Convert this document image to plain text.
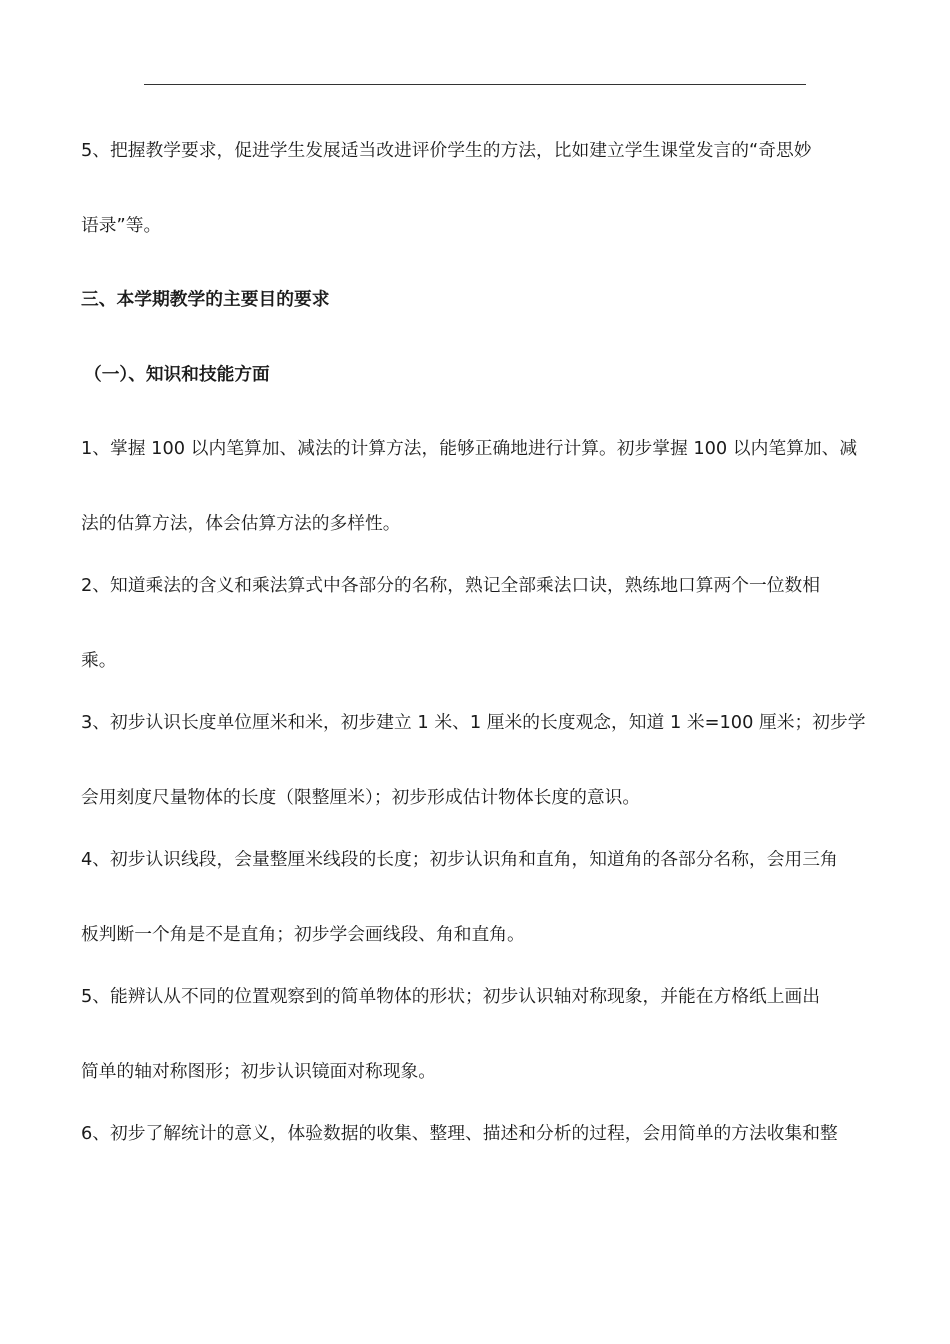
5、把握教学要求，促进学生发展适当改进评价学生的方法，比如建立学生课堂发言的“奇思妙
语录”等。
三、本学期教学的主要目的要求
（一）、知识和技能方面
1、掌握 100 以内笔算加、减法的计算方法，能够正确地进行计算。初步掌握 100 以内笔算加、减
法的估算方法，体会估算方法的多样性。
2、知道乘法的含义和乘法算式中各部分的名称，熟记全部乘法口诀，熟练地口算两个一位数相
乘。
3、初步认识长度单位厘米和米，初步建立 1 米、1 厘米的长度观念，知道 1 米=100 厘米；初步学
会用刻度尺量物体的长度（限整厘米）；初步形成估计物体长度的意识。
4、初步认识线段，会量整厘米线段的长度；初步认识角和直角，知道角的各部分名称，会用三角
板判断一个角是不是直角；初步学会画线段、角和直角。
5、能辨认从不同的位置观察到的简单物体的形状；初步认识轴对称现象，并能在方格纸上画出
简单的轴对称图形；初步认识镜面对称现象。
6、初步了解统计的意义，体验数据的收集、整理、描述和分析的过程，会用简单的方法收集和整
